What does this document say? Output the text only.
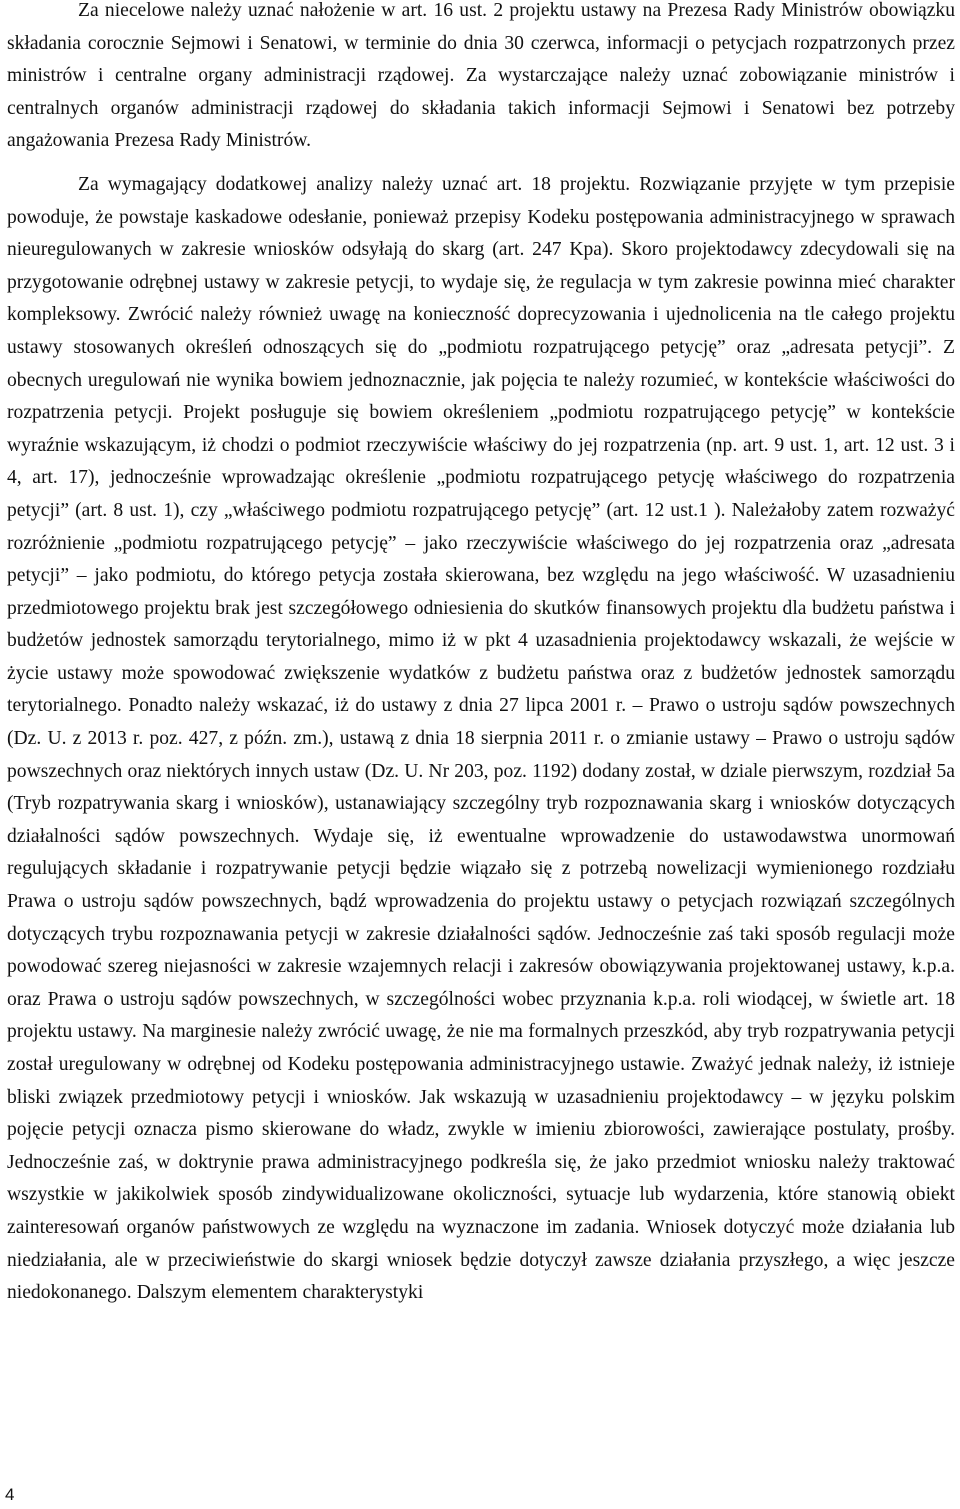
Za niecelowe należy uznać nałożenie w art. 16 ust. 2 projektu ustawy na Prezesa Rady Ministrów obowiązku składania corocznie Sejmowi i Senatowi, w terminie do dnia 30 czerwca, informacji o petycjach rozpatrzonych przez ministrów i centralne organy administracji rządowej. Za wystarczające należy uznać zobowiązanie ministrów i centralnych organów administracji rządowej do składania takich informacji Sejmowi i Senatowi bez potrzeby angażowania Prezesa Rady Ministrów.

Za wymagający dodatkowej analizy należy uznać art. 18 projektu. Rozwiązanie przyjęte w tym przepisie powoduje, że powstaje kaskadowe odesłanie, ponieważ przepisy Kodeku postępowania administracyjnego w sprawach nieuregulowanych w zakresie wniosków odsyłają do skarg (art. 247 Kpa). Skoro projektodawcy zdecydowali się na przygotowanie odrębnej ustawy w zakresie petycji, to wydaje się, że regulacja w tym zakresie powinna mieć charakter kompleksowy. Zwrócić należy również uwagę na konieczność doprecyzowania i ujednolicenia na tle całego projektu ustawy stosowanych określeń odnoszących się do „podmiotu rozpatrującego petycję” oraz „adresata petycji”. Z obecnych uregulowań nie wynika bowiem jednoznacznie, jak pojęcia te należy rozumieć, w kontekście właściwości do rozpatrzenia petycji. Projekt posługuje się bowiem określeniem „podmiotu rozpatrującego petycję” w kontekście wyraźnie wskazującym, iż chodzi o podmiot rzeczywiście właściwy do jej rozpatrzenia (np. art. 9 ust. 1, art. 12 ust. 3 i 4, art. 17), jednocześnie wprowadzając określenie „podmiotu rozpatrującego petycję właściwego do rozpatrzenia petycji” (art. 8 ust. 1), czy „właściwego podmiotu rozpatrującego petycję” (art. 12 ust.1 ). Należałoby zatem rozważyć rozróżnienie „podmiotu rozpatrującego petycję” – jako rzeczywiście właściwego do jej rozpatrzenia oraz „adresata petycji” – jako podmiotu, do którego petycja została skierowana, bez względu na jego właściwość. W uzasadnieniu przedmiotowego projektu brak jest szczegółowego odniesienia do skutków finansowych projektu dla budżetu państwa i budżetów jednostek samorządu terytorialnego, mimo iż w pkt 4 uzasadnienia projektodawcy wskazali, że wejście w życie ustawy może spowodować zwiększenie wydatków z budżetu państwa oraz z budżetów jednostek samorządu terytorialnego. Ponadto należy wskazać, iż do ustawy z dnia 27 lipca 2001 r. – Prawo o ustroju sądów powszechnych (Dz. U. z 2013 r. poz. 427, z późn. zm.), ustawą z dnia 18 sierpnia 2011 r. o zmianie ustawy – Prawo o ustroju sądów powszechnych oraz niektórych innych ustaw (Dz. U. Nr 203, poz. 1192) dodany został, w dziale pierwszym, rozdział 5a (Tryb rozpatrywania skarg i wniosków), ustanawiający szczególny tryb rozpoznawania skarg i wniosków dotyczących działalności sądów powszechnych. Wydaje się, iż ewentualne wprowadzenie do ustawodawstwa unormowań regulujących składanie i rozpatrywanie petycji będzie wiązało się z potrzebą nowelizacji wymienionego rozdziału Prawa o ustroju sądów powszechnych, bądź wprowadzenia do projektu ustawy o petycjach rozwiązań szczególnych dotyczących trybu rozpoznawania petycji w zakresie działalności sądów. Jednocześnie zaś taki sposób regulacji może powodować szereg niejasności w zakresie wzajemnych relacji i zakresów obowiązywania projektowanej ustawy, k.p.a. oraz Prawa o ustroju sądów powszechnych, w szczególności wobec przyznania k.p.a. roli wiodącej, w świetle art. 18 projektu ustawy. Na marginesie należy zwrócić uwagę, że nie ma formalnych przeszkód, aby tryb rozpatrywania petycji został uregulowany w odrębnej od Kodeku postępowania administracyjnego ustawie. Zważyć jednak należy, iż istnieje bliski związek przedmiotowy petycji i wniosków. Jak wskazują w uzasadnieniu projektodawcy – w języku polskim pojęcie petycji oznacza pismo skierowane do władz, zwykle w imieniu zbiorowości, zawierające postulaty, prośby. Jednocześnie zaś, w doktrynie prawa administracyjnego podkreśla się, że jako przedmiot wniosku należy traktować wszystkie w jakikolwiek sposób zindywidualizowane okoliczności, sytuacje lub wydarzenia, które stanowią obiekt zainteresowań organów państwowych ze względu na wyznaczone im zadania. Wniosek dotyczyć może działania lub niedziałania, ale w przeciwieństwie do skargi wniosek będzie dotyczył zawsze działania przyszłego, a więc jeszcze niedokonanego. Dalszym elementem charakterystyki

4
